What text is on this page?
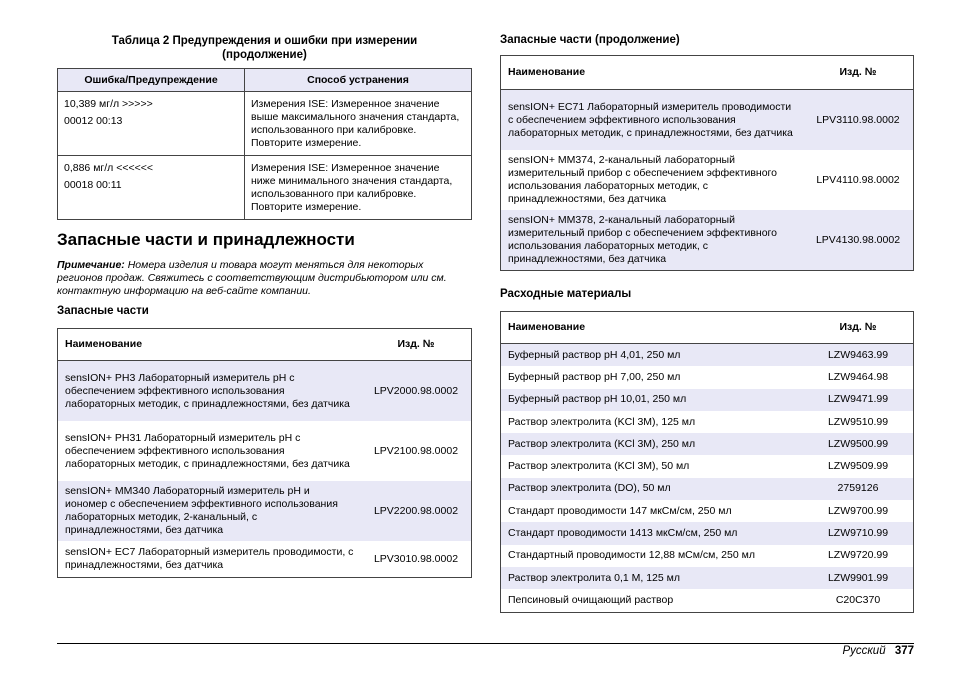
Таблица 2 Предупреждения и ошибки при измерении
(продолжение)
Ошибка/Предупреждение	Способ устранения

10,389 мг/л >>>>>

00012 00:13	Измерения ISE: Измеренное значение выше максимального значения стандарта, использованного при калибровке. Повторите измерение.

0,886 мг/л <<<<<<

00018 00:11	Измерения ISE: Измеренное значение ниже минимального значения стандарта, использованного при калибровке. Повторите измерение.
Запасные части и принадлежности

Примечание: Номера изделия и товара могут меняться для некоторых регионов продаж. Свяжитесь с соответствующим дистрибьютором или см. контактную информацию на веб-сайте компании.

Запасные части
Наименование	Изд. №
sensION+ PH3 Лабораторный измеритель pH с обеспечением эффективного использования лабораторных методик, с принадлежностями, без датчика	LPV2000.98.0002
sensION+ PH31 Лабораторный измеритель pH с обеспечением эффективного использования лабораторных методик, с принадлежностями, без датчика	LPV2100.98.0002
sensION+ MM340 Лабораторный измеритель pH и иономер с обеспечением эффективного использования лабораторных методик, 2-канальный, с принадлежностями, без датчика	LPV2200.98.0002
sensION+ EC7 Лабораторный измеритель проводимости, с принадлежностями, без датчика	LPV3010.98.0002
Запасные части (продолжение)
Наименование	Изд. №
sensION+ EC71 Лабораторный измеритель проводимости с обеспечением эффективного использования лабораторных методик, с принадлежностями, без датчика	LPV3110.98.0002
sensION+ MM374, 2-канальный лабораторный измерительный прибор с обеспечением эффективного использования лабораторных методик, с принадлежностями, без датчика	LPV4110.98.0002
sensION+ MM378, 2-канальный лабораторный измерительный прибор с обеспечением эффективного использования лабораторных методик, с принадлежностями, без датчика	LPV4130.98.0002
Расходные материалы
Наименование	Изд. №
Буферный раствор pH 4,01, 250 мл	LZW9463.99
Буферный раствор pH 7,00, 250 мл	LZW9464.98
Буферный раствор pH 10,01, 250 мл	LZW9471.99
Раствор электролита (KCl 3M), 125 мл	LZW9510.99
Раствор электролита (KCl 3M), 250 мл	LZW9500.99
Раствор электролита (KCl 3M), 50 мл	LZW9509.99
Раствор электролита (DO), 50 мл	2759126
Стандарт проводимости 147 мкСм/см, 250 мл	LZW9700.99
Стандарт проводимости 1413 мкСм/см, 250 мл	LZW9710.99
Стандартный проводимости 12,88 мСм/см, 250 мл	LZW9720.99
Раствор электролита 0,1 M, 125 мл	LZW9901.99
Пепсиновый очищающий раствор	C20C370
Русский 377
